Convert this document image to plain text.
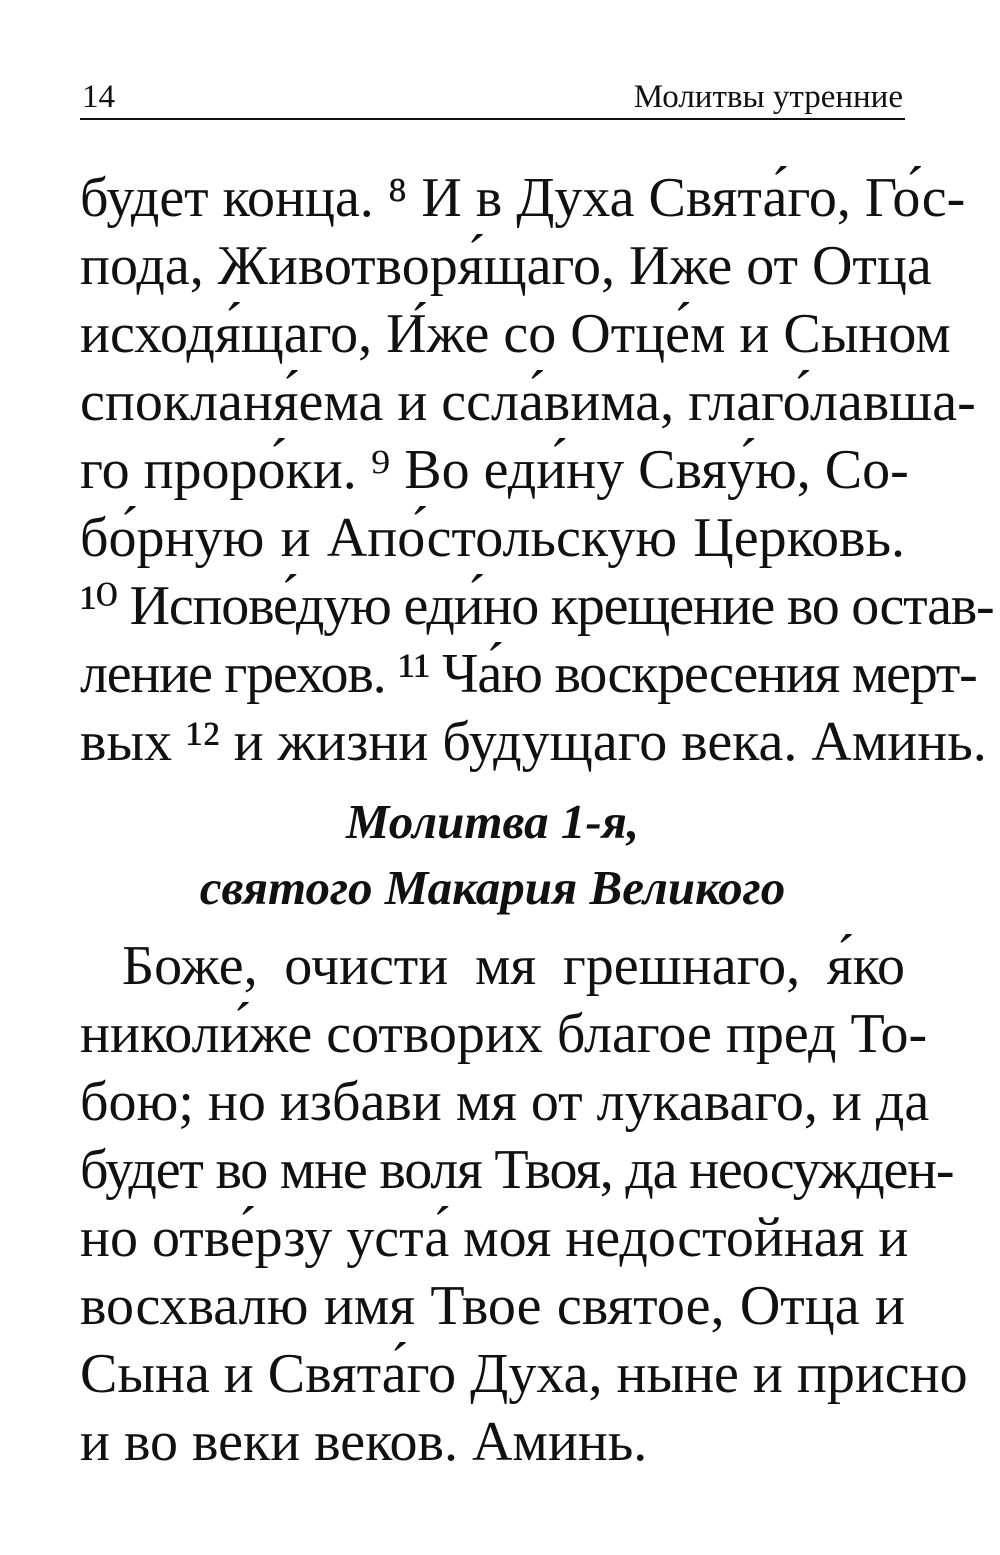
14	Молитвы утренние
будет конца. ⁸ И в Духа Свята́го, Го́с-
пода, Животворя́щаго, Иже от Отца
исходя́щаго, И́же со Отце́м и Сыном
спокланя́ема и ссла́вима, глаго́лавша-
го проро́ки. ⁹ Во еди́ну Свяу́ю, Со-
бо́рную и Апо́стольскую Церковь.
¹⁰ Испове́дую еди́но крещение во остав-
ление грехов. ¹¹ Ча́ю воскресения мерт-
вых ¹² и жизни будущаго века. Аминь.
Молитва 1-я,
святого Макария Великого
Боже, очисти мя грешнаго, я́ко
николи́же сотворих благое пред То-
бою; но избави мя от лукаваго, и да
будет во мне воля Твоя, да неосужден-
но отве́рзу уста́ моя недостойная и
восхвалю имя Твое святое, Отца и
Сына и Свята́го Духа, ныне и присно
и во веки веков. Аминь.
